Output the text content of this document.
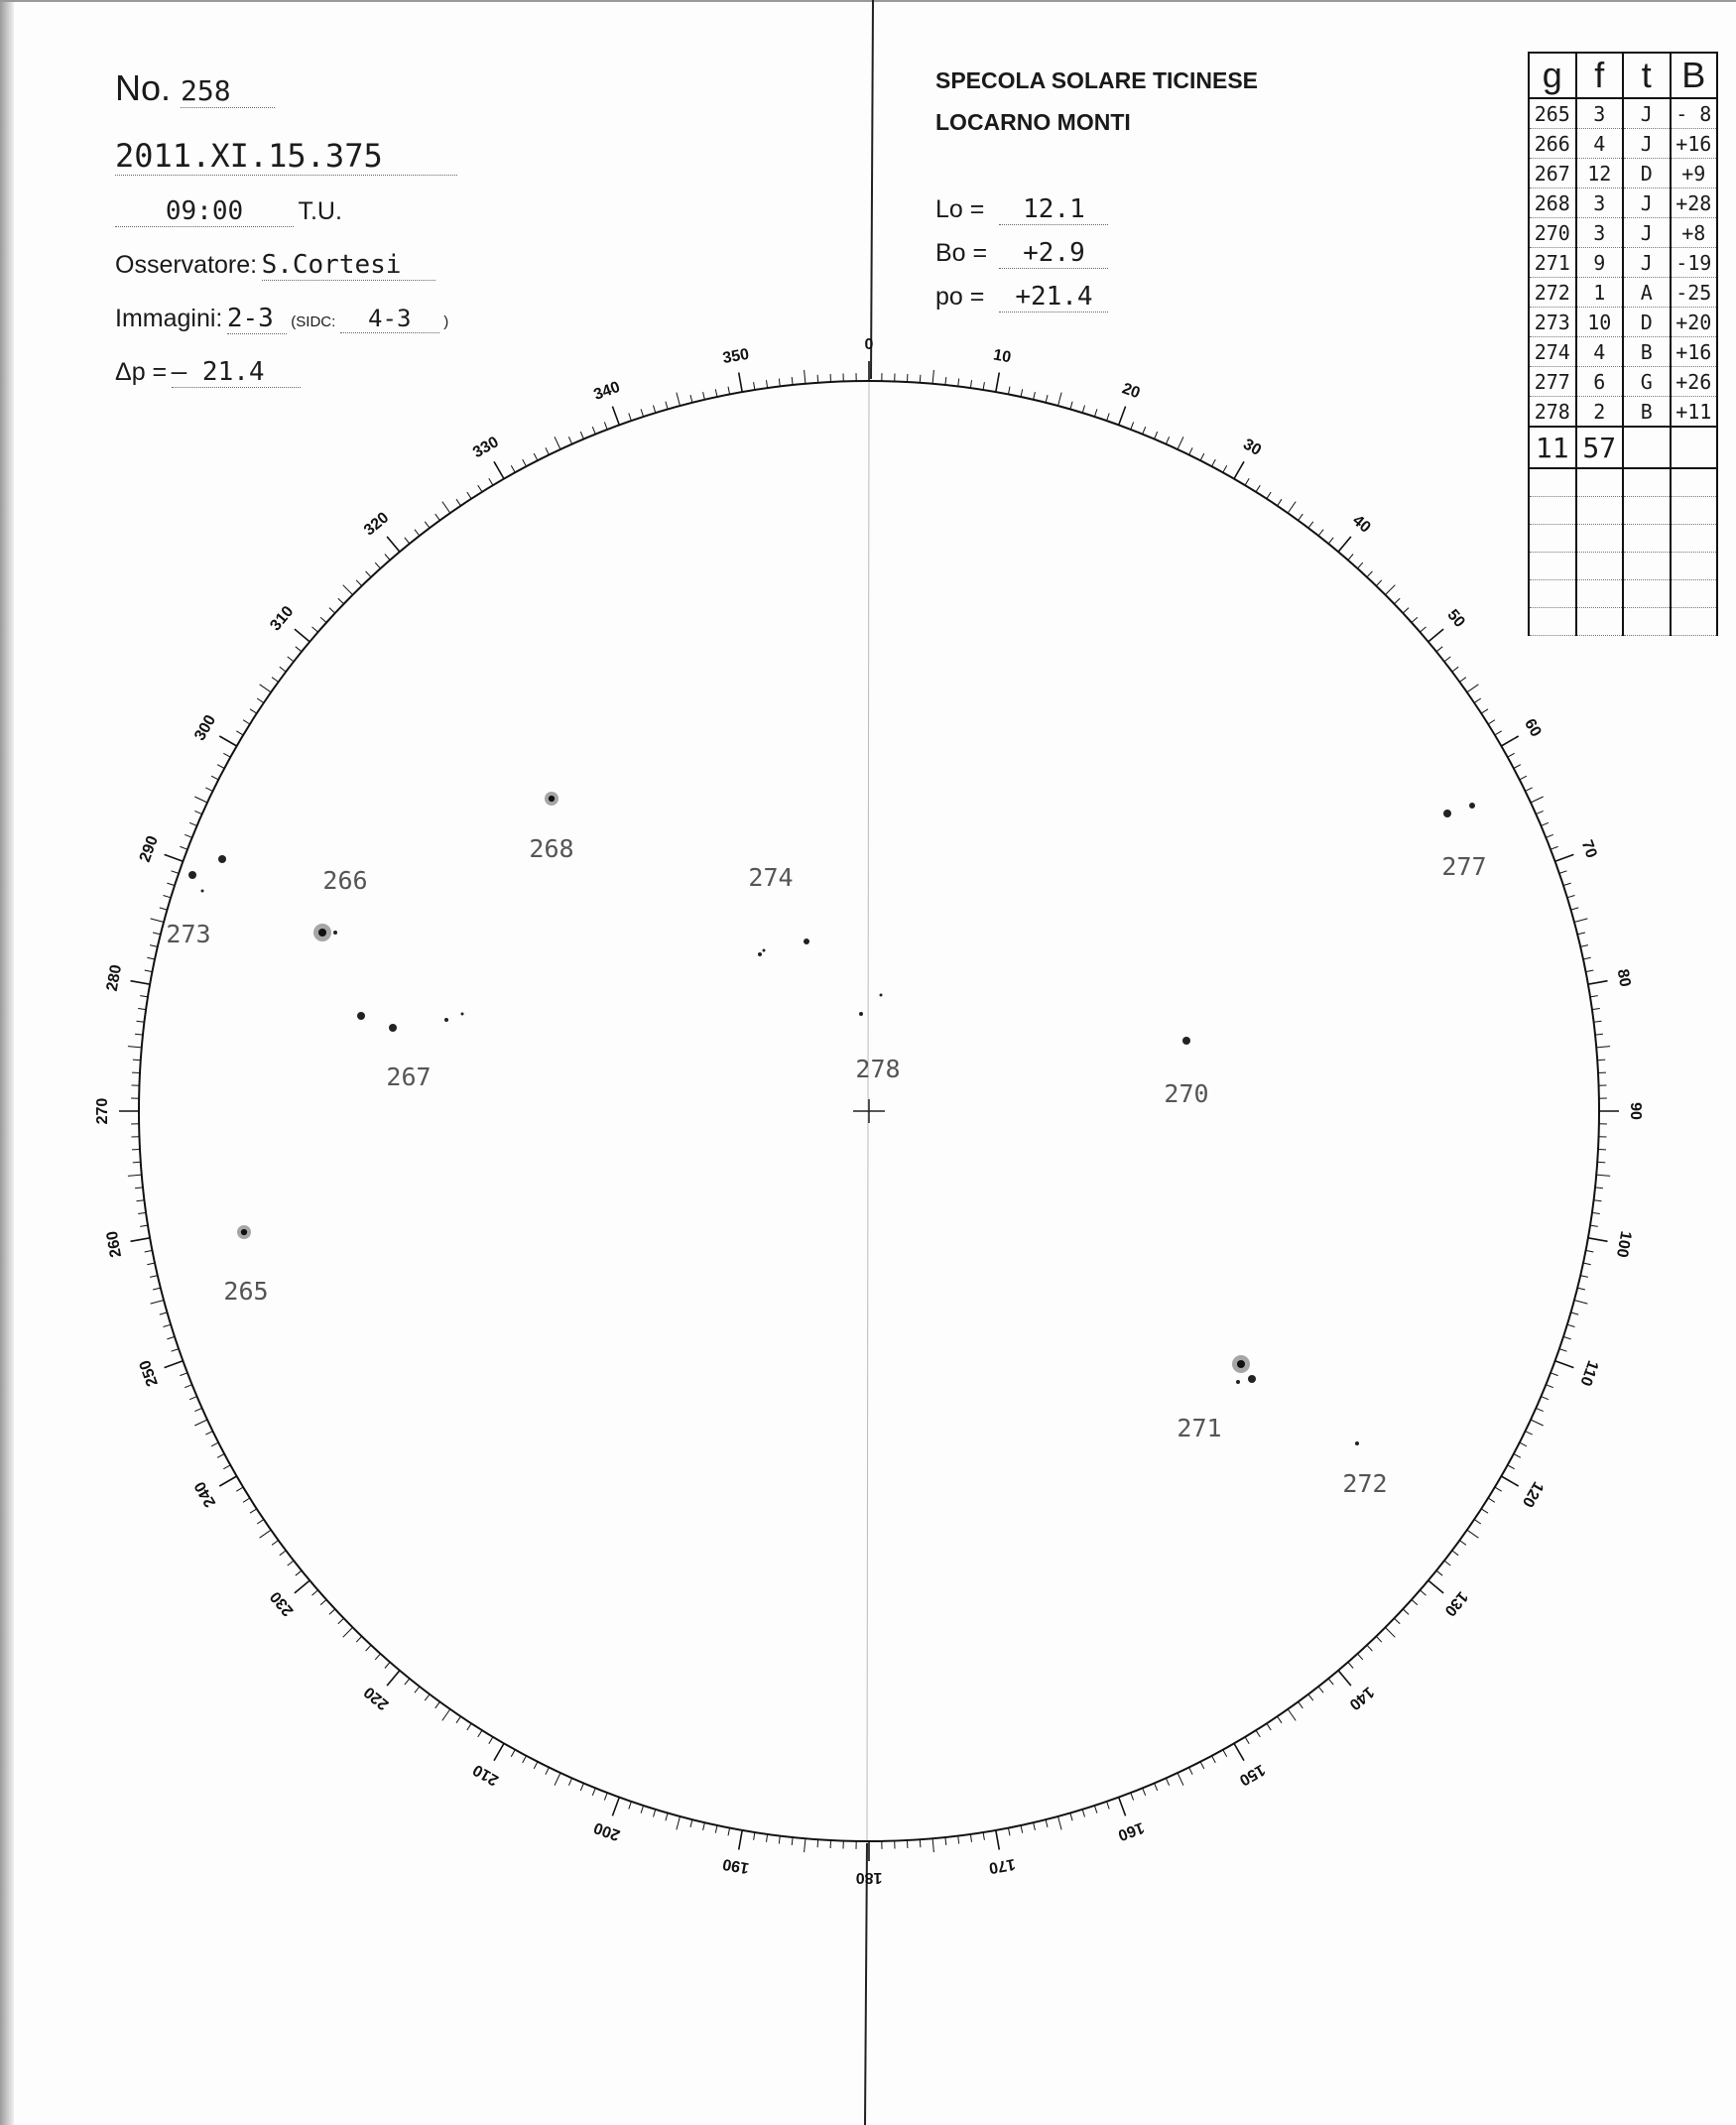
No. 258
2011.XI.15.375
09:00 T.U.
Osservatore: S.Cortesi
Immagini: 2-3 (SIDC: 4-3 )
Δp = – 21.4
SPECOLA SOLARE TICINESE
LOCARNO MONTI
Lo = 12.1
Bo = +2.9
po = +21.4
g	f	t	B
265	3	J	- 8
266	4	J	+16
267	12	D	+9
268	3	J	+28
270	3	J	+8
271	9	J	-19
272	1	A	-25
273	10	D	+20
274	4	B	+16
277	6	G	+26
278	2	B	+11
11	57		

0
10
20
30
40
50
60
70
80
90
100
110
120
130
140
150
160
170
180
190
200
210
220
230
240
250
260
270
280
290
300
310
320
330
340
350
265
266
267
268
270
271
272
273
274	277
278
